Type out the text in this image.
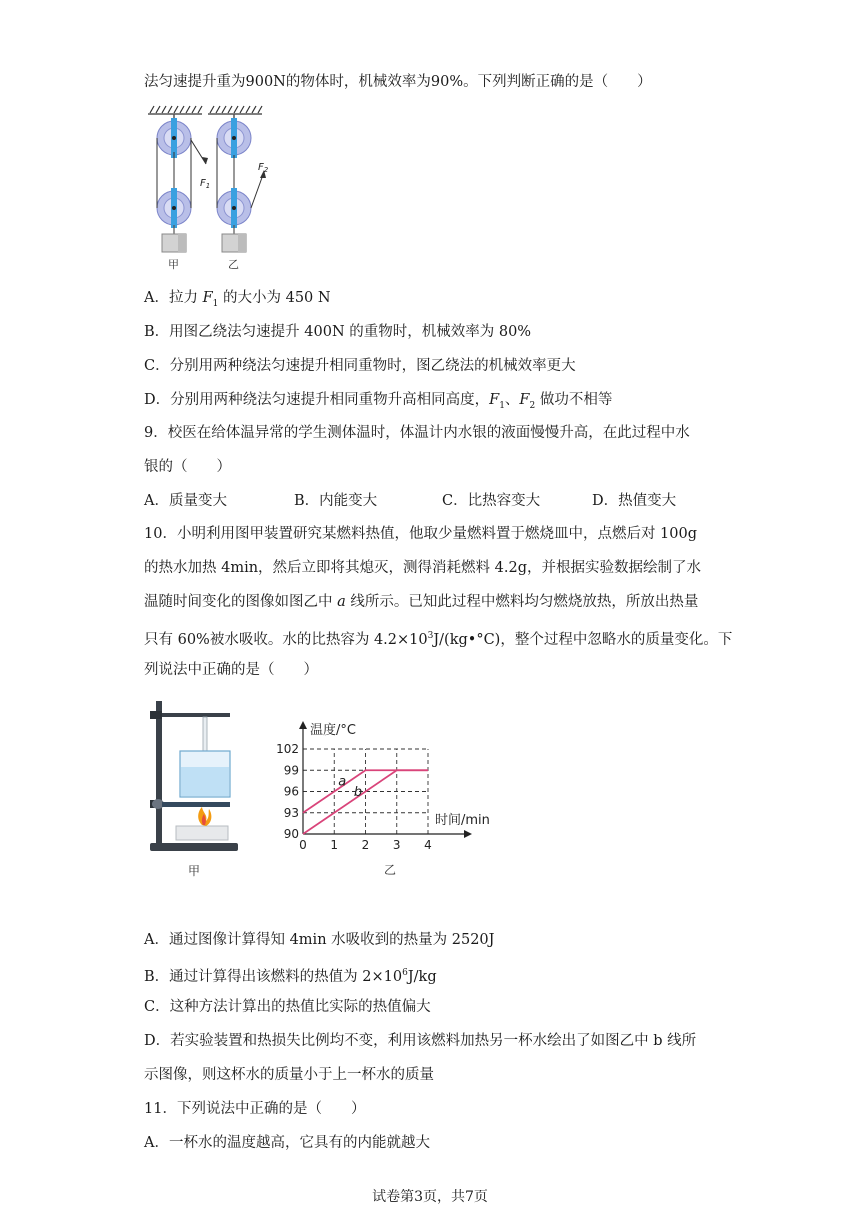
法匀速提升重为900N的物体时，机械效率为90%。下列判断正确的是（　　）
$F_1$
甲
$F_2$
乙
A．拉力 $F_1$ 的大小为 450 N
B．用图乙绕法匀速提升 400N 的重物时，机械效率为 80%
C．分别用两种绕法匀速提升相同重物时，图乙绕法的机械效率更大
D．分别用两种绕法匀速提升相同重物升高相同高度，$F_1$、$F_2$ 做功不相等
9．校医在给体温异常的学生测体温时，体温计内水银的液面慢慢升高，在此过程中水
银的（　　）
A．质量变大	B．内能变大	C．比热容变大	D．热值变大
10．小明利用图甲装置研究某燃料热值，他取少量燃料置于燃烧皿中，点燃后对 100g
的热水加热 4min，然后立即将其熄灭，测得消耗燃料 4.2g，并根据实验数据绘制了水
温随时间变化的图像如图乙中 a 线所示。已知此过程中燃料均匀燃烧放热，所放出热量
只有 60%被水吸收。水的比热容为 $4.2\times 10^3J/(kg•^\circ C)$，整个过程中忽略水的质量变化。下
列说法中正确的是（　　）
甲
0 1 2 3 4
90
93
96
99
102
a
b
温度/°C
时间/min
乙
A．通过图像计算得知 4min 水吸收到的热量为 2520J
B．通过计算得出该燃料的热值为 $2\times 10^6J/kg$
C．这种方法计算出的热值比实际的热值偏大
D．若实验装置和热损失比例均不变，利用该燃料加热另一杯水绘出了如图乙中 b 线所
示图像，则这杯水的质量小于上一杯水的质量
11．下列说法中正确的是（　　）
A．一杯水的温度越高，它具有的内能就越大
试卷第3页，共7页
